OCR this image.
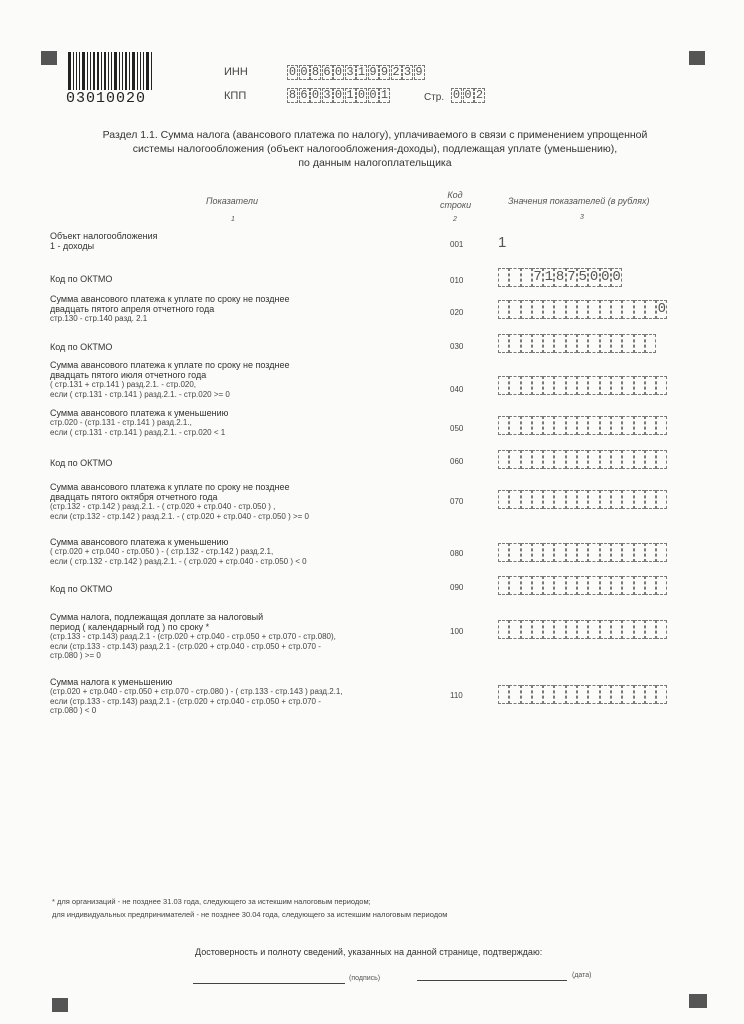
03010020
ИНН	0 0 8 6 0 3 1 9 9 2 3 9
КПП	8 6 0 3 0 1 0 0 1	Стр. 0 0 2
Раздел 1.1. Сумма налога (авансового платежа по налогу), уплачиваемого в связи с применением упрощенной
системы налогообложения (объект налогообложения-доходы), подлежащая уплате (уменьшению),
по данным налогоплательщика
Показатели
Код
строки	Значения показателей (в рублях)
1	2	3
Объект налогообложения
1 - доходы	001 1
Код по ОКТМО	010	7 1 8 7 5 0 0 0
Сумма авансового платежа к уплате по сроку не позднее
двадцать пятого апреля отчетного года
стр.130 - стр.140 разд. 2.1
020	0
Код по ОКТМО	030
Сумма авансового платежа к уплате по сроку не позднее
двадцать пятого июля отчетного года
( стр.131 + стр.141 ) разд.2.1. - стр.020,
если ( стр.131 - стр.141 ) разд.2.1. - стр.020 >= 0	040
Сумма авансового платежа к уменьшению
стр.020 - (стр.131 - стр.141 ) разд.2.1.,
если ( стр.131 - стр.141 ) разд.2.1. - стр.020 < 1	050
Код по ОКТМО	060
Сумма авансового платежа к уплате по сроку не позднее
двадцать пятого октября отчетного года
(стр.132 - стр.142 ) разд.2.1. - ( стр.020 + стр.040 - стр.050 ) ,
если (стр.132 - стр.142 ) разд.2.1. - ( стр.020 + стр.040 - стр.050 ) >= 0
070
Сумма авансового платежа к уменьшению
( стр.020 + стр.040 - стр.050 ) - ( стр.132 - стр.142 ) разд.2.1,
если ( стр.132 - стр.142 ) разд.2.1. - ( стр.020 + стр.040 - стр.050 ) < 0
080
Код по ОКТМО	090
Сумма налога, подлежащая доплате за налоговый
период ( календарный год ) по сроку *
(стр.133 - стр.143) разд.2.1 - (стр.020 + стр.040 - стр.050 + стр.070 - стр.080),
если (стр.133 - стр.143) разд.2.1 - (стр.020 + стр.040 - стр.050 + стр.070 -
стр.080 ) >= 0
100
Сумма налога к уменьшению
(стр.020 + стр.040 - стр.050 + стр.070 - стр.080 ) - ( стр.133 - стр.143 ) разд.2.1,
если (стр.133 - стр.143) разд.2.1 - (стр.020 + стр.040 - стр.050 + стр.070 -
стр.080 ) < 0
110
* для организаций - не позднее 31.03 года, следующего за истекшим налоговым периодом;
для индивидуальных предпринимателей - не позднее 30.04 года, следующего за истекшим налоговым периодом
Достоверность и полноту сведений, указанных на данной странице, подтверждаю:
(подпись)	(дата)
